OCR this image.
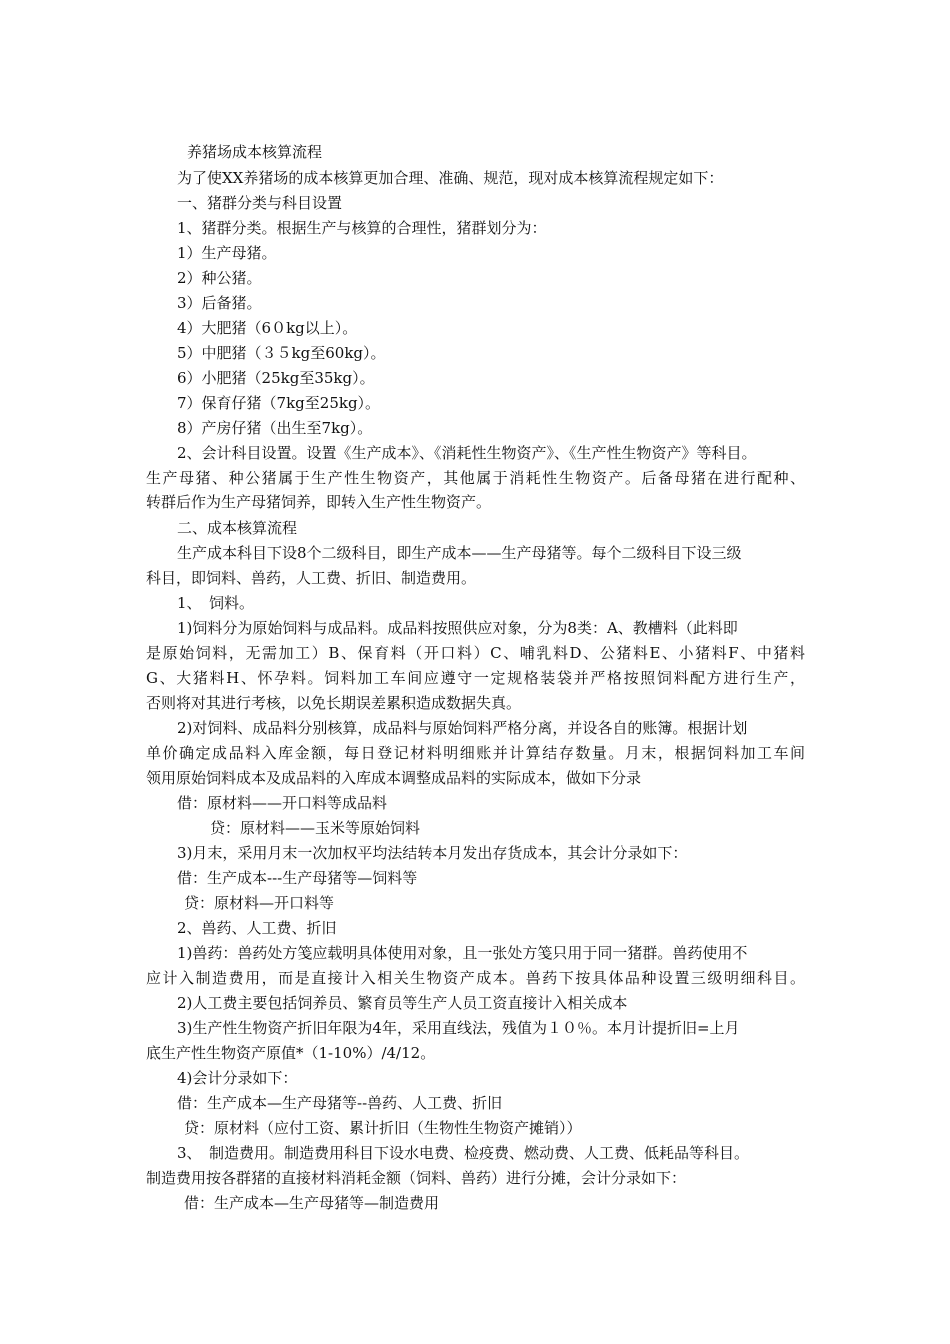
养猪场成本核算流程
为了使XX养猪场的成本核算更加合理、准确、规范，现对成本核算流程规定如下：
一、猪群分类与科目设置
1、猪群分类。根据生产与核算的合理性，猪群划分为：
1）生产母猪。
2）种公猪。
3）后备猪。
4）大肥猪（6０kg以上）。
5）中肥猪（３５kg至60kg）。
6）小肥猪（25kg至35kg）。
7）保育仔猪（7kg至25kg）。
8）产房仔猪（出生至7kg）。
2、会计科目设置。设置《生产成本》、《消耗性生物资产》、《生产性生物资产》等科目。
生产母猪、种公猪属于生产性生物资产，其他属于消耗性生物资产。后备母猪在进行配种、
转群后作为生产母猪饲养，即转入生产性生物资产。
二、成本核算流程
生产成本科目下设8个二级科目，即生产成本——生产母猪等。每个二级科目下设三级
科目，即饲料、兽药，人工费、折旧、制造费用。
1、　饲料。
1)饲料分为原始饲料与成品料。成品料按照供应对象，分为8类：A、教槽料（此料即
是原始饲料，无需加工）B、保育料（开口料）C、哺乳料D、公猪料E、小猪料F、中猪料
G、大猪料H、怀孕料。饲料加工车间应遵守一定规格装袋并严格按照饲料配方进行生产，
否则将对其进行考核，以免长期误差累积造成数据失真。
2)对饲料、成品料分别核算，成品料与原始饲料严格分离，并设各自的账簿。根据计划
单价确定成品料入库金额，每日登记材料明细账并计算结存数量。月末，根据饲料加工车间
领用原始饲料成本及成品料的入库成本调整成品料的实际成本，做如下分录
借：原材料——开口料等成品料
贷：原材料——玉米等原始饲料
3)月末，采用月末一次加权平均法结转本月发出存货成本，其会计分录如下：
借：生产成本---生产母猪等—饲料等
贷：原材料—开口料等
2、兽药、人工费、折旧
1)兽药：兽药处方笺应载明具体使用对象，且一张处方笺只用于同一猪群。兽药使用不
应计入制造费用，而是直接计入相关生物资产成本。兽药下按具体品种设置三级明细科目。
2)人工费主要包括饲养员、繁育员等生产人员工资直接计入相关成本
3)生产性生物资产折旧年限为4年，采用直线法，残值为１０％。本月计提折旧=上月
底生产性生物资产原值*（1-10%）/4/12。
4)会计分录如下：
借：生产成本—生产母猪等--兽药、人工费、折旧
贷：原材料（应付工资、累计折旧（生物性生物资产摊销））
3、　制造费用。制造费用科目下设水电费、检疫费、燃动费、人工费、低耗品等科目。
制造费用按各群猪的直接材料消耗金额（饲料、兽药）进行分摊，会计分录如下：
借：生产成本—生产母猪等—制造费用
